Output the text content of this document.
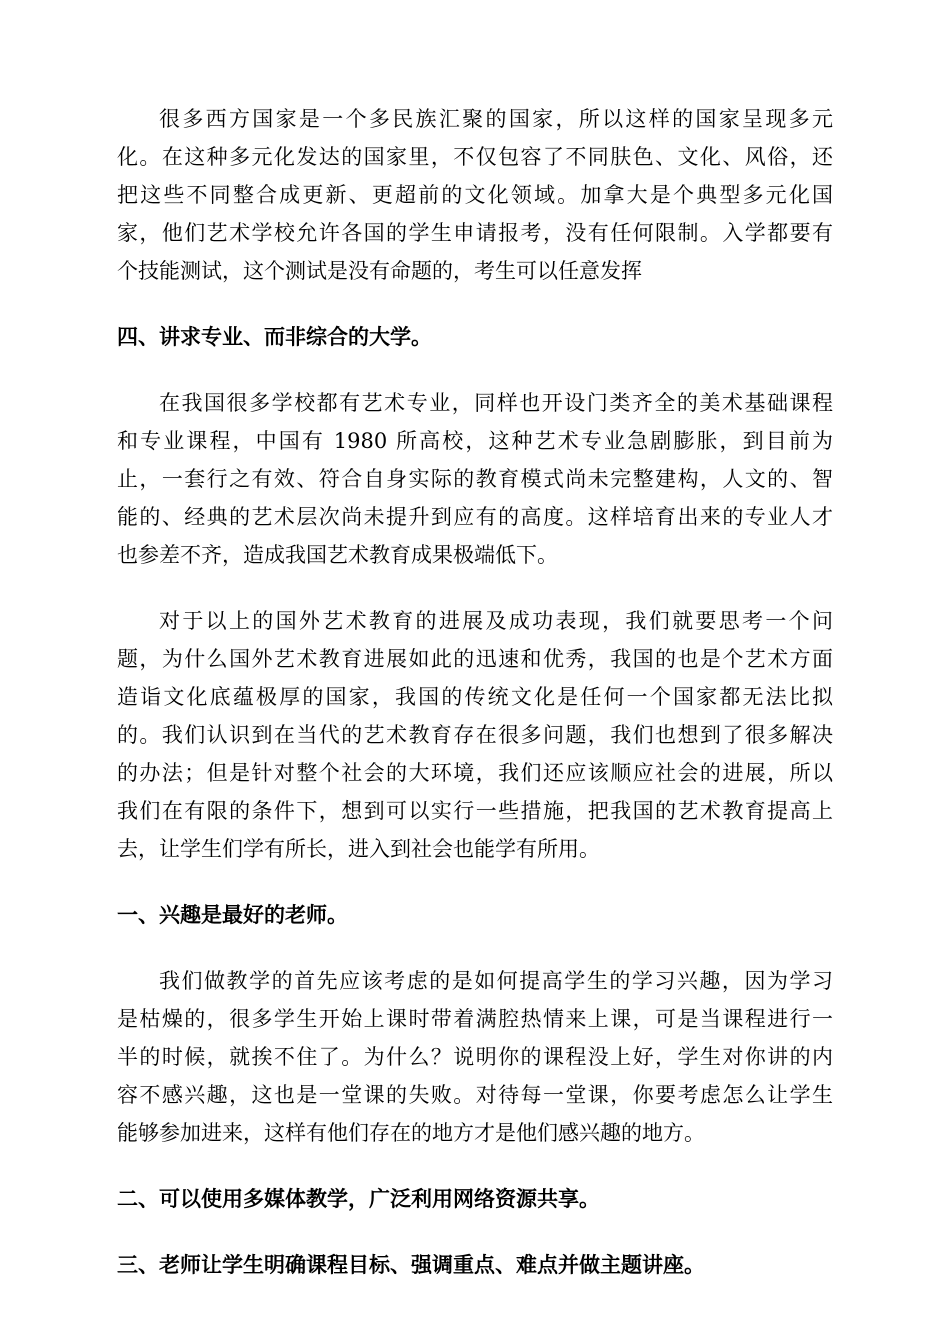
很多西方国家是一个多民族汇聚的国家，所以这样的国家呈现多元
化。在这种多元化发达的国家里，不仅包容了不同肤色、文化、风俗，还
把这些不同整合成更新、更超前的文化领域。加拿大是个典型多元化国
家，他们艺术学校允许各国的学生申请报考，没有任何限制。入学都要有
个技能测试，这个测试是没有命题的，考生可以任意发挥
四、讲求专业、而非综合的大学。
在我国很多学校都有艺术专业，同样也开设门类齐全的美术基础课程
和专业课程，中国有 1980 所高校，这种艺术专业急剧膨胀，到目前为
止，一套行之有效、符合自身实际的教育模式尚未完整建构，人文的、智
能的、经典的艺术层次尚未提升到应有的高度。这样培育出来的专业人才
也参差不齐，造成我国艺术教育成果极端低下。
对于以上的国外艺术教育的进展及成功表现，我们就要思考一个问
题，为什么国外艺术教育进展如此的迅速和优秀，我国的也是个艺术方面
造诣文化底蕴极厚的国家，我国的传统文化是任何一个国家都无法比拟
的。我们认识到在当代的艺术教育存在很多问题，我们也想到了很多解决
的办法；但是针对整个社会的大环境，我们还应该顺应社会的进展，所以
我们在有限的条件下，想到可以实行一些措施，把我国的艺术教育提高上
去，让学生们学有所长，进入到社会也能学有所用。
一、兴趣是最好的老师。
我们做教学的首先应该考虑的是如何提高学生的学习兴趣，因为学习
是枯燥的，很多学生开始上课时带着满腔热情来上课，可是当课程进行一
半的时候，就挨不住了。为什么？说明你的课程没上好，学生对你讲的内
容不感兴趣，这也是一堂课的失败。对待每一堂课，你要考虑怎么让学生
能够参加进来，这样有他们存在的地方才是他们感兴趣的地方。
二、可以使用多媒体教学，广泛利用网络资源共享。
三、老师让学生明确课程目标、强调重点、难点并做主题讲座。
